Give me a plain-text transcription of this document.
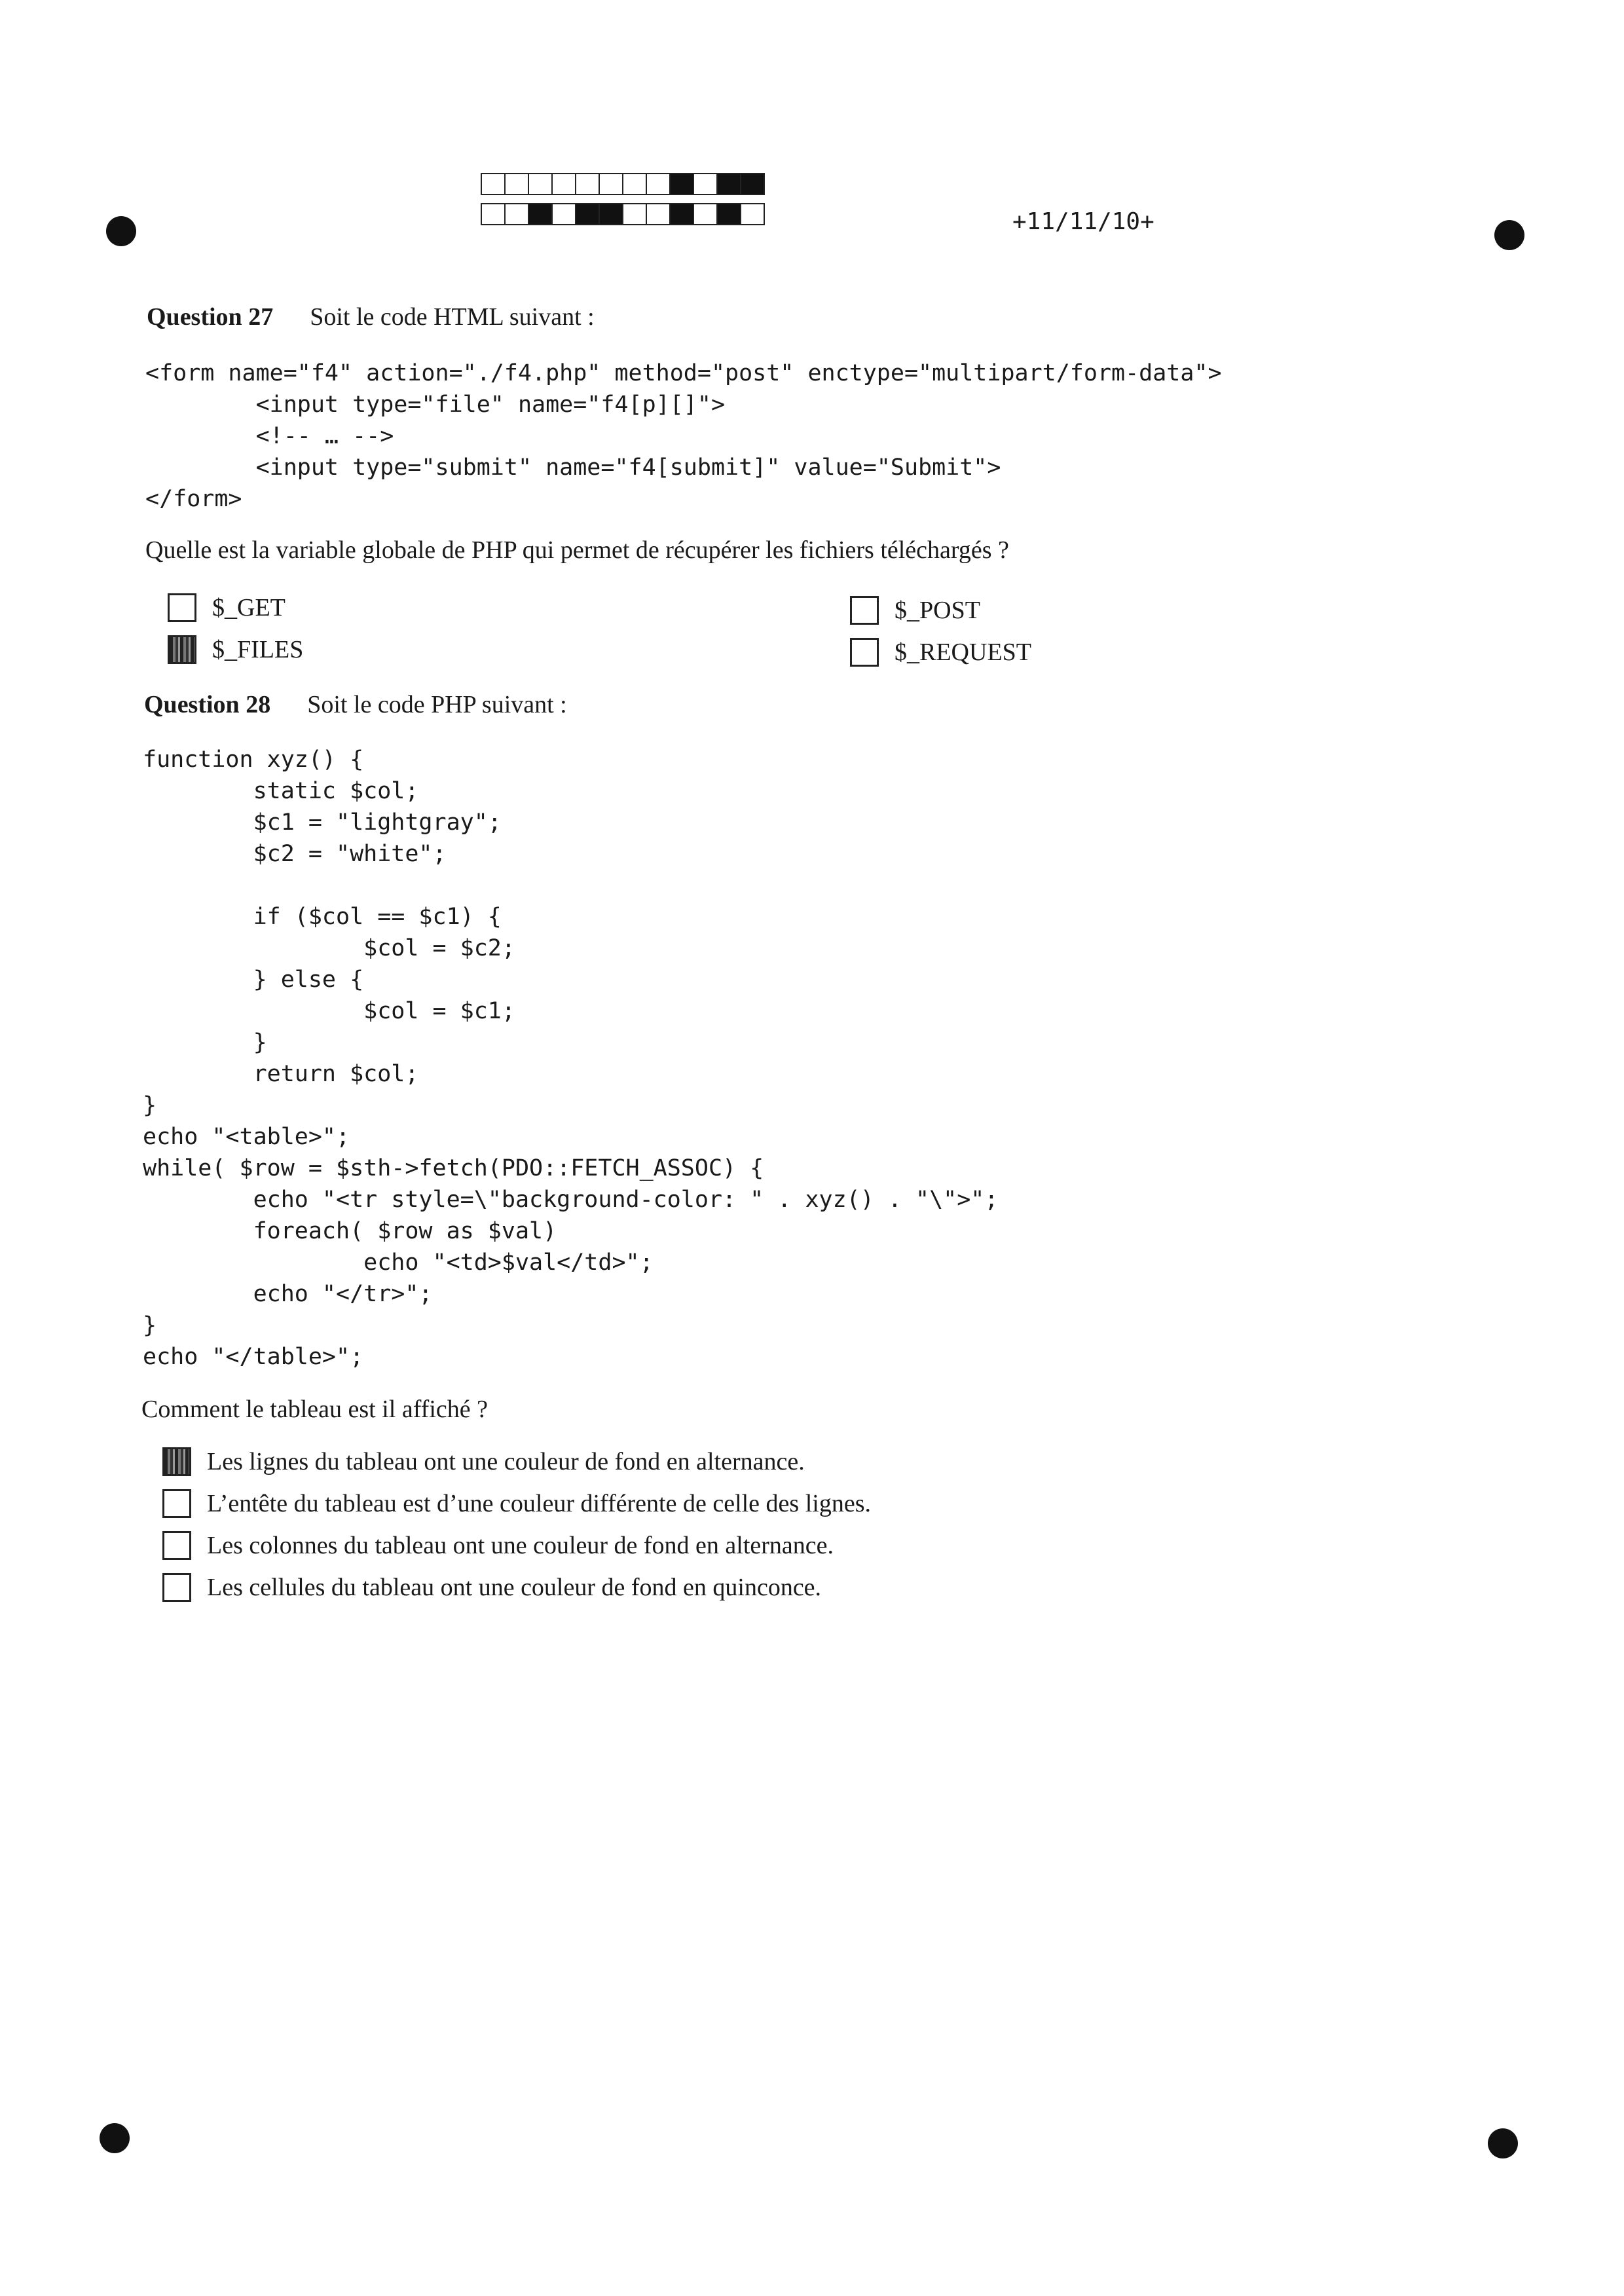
+11/11/10+
Question 27 Soit le code HTML suivant :
<form name="f4" action="./f4.php" method="post" enctype="multipart/form-data">
<input type="file" name="f4[p][]">
<!-- … -->
<input type="submit" name="f4[submit]" value="Submit">
</form>
Quelle est la variable globale de PHP qui permet de récupérer les fichiers téléchargés ?
$_GET
$_FILES
$_POST
$_REQUEST
Question 28 Soit le code PHP suivant :
function xyz() {
static $col;
$c1 = "lightgray";
$c2 = "white";

if ($col == $c1) {
$col = $c2;
} else {
$col = $c1;
}
return $col;
}
echo "<table>";
while( $row = $sth->fetch(PDO::FETCH_ASSOC) {
echo "<tr style=\"background-color: " . xyz() . "\">";
foreach( $row as $val)
echo "<td>$val</td>";
echo "</tr>";
}
echo "</table>";
Comment le tableau est il affiché ?
Les lignes du tableau ont une couleur de fond en alternance.
L’entête du tableau est d’une couleur différente de celle des lignes.
Les colonnes du tableau ont une couleur de fond en alternance.
Les cellules du tableau ont une couleur de fond en quinconce.
